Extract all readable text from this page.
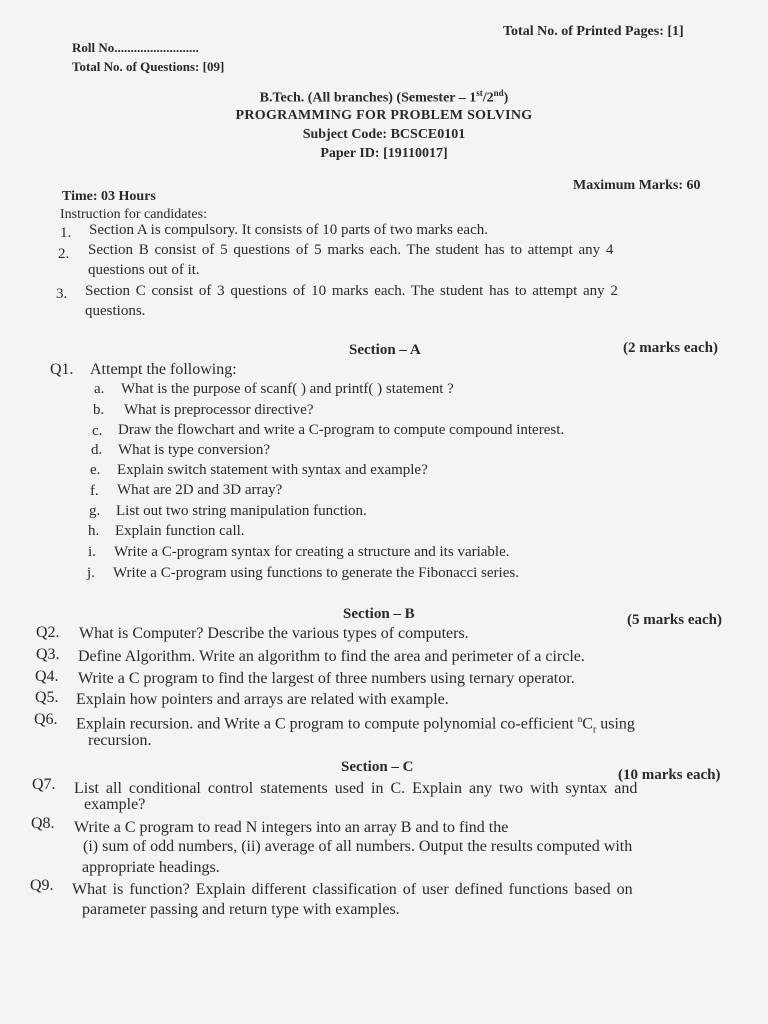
Total No. of Printed Pages: [1]
Roll No..........................
Total No. of Questions: [09]
B.Tech. (All branches) (Semester – 1st/2nd)
PROGRAMMING FOR PROBLEM SOLVING
Subject Code: BCSCE0101
Paper ID: [19110017]
Time: 03 Hours
Maximum Marks: 60
Instruction for candidates:
1. Section A is compulsory. It consists of 10 parts of two marks each.
2. Section B consist of 5 questions of 5 marks each. The student has to attempt any 4
questions out of it.
3. Section C consist of 3 questions of 10 marks each. The student has to attempt any 2
questions.
Section – A	(2 marks each)
Q1. Attempt the following:
a. What is the purpose of scanf( ) and printf( ) statement ?
b. What is preprocessor directive?
c. Draw the flowchart and write a C-program to compute compound interest.
d. What is type conversion?
e. Explain switch statement with syntax and example?
f. What are 2D and 3D array?
g. List out two string manipulation function.
h. Explain function call.
i. Write a C-program syntax for creating a structure and its variable.
j. Write a C-program using functions to generate the Fibonacci series.
Section – B	(5 marks each)
Q2. What is Computer? Describe the various types of computers.
Q3. Define Algorithm. Write an algorithm to find the area and perimeter of a circle.
Q4. Write a C program to find the largest of three numbers using ternary operator.
Q5. Explain how pointers and arrays are related with example.
Q6. Explain recursion. and Write a C program to compute polynomial co-efficient $^nC_r$ using
recursion.
Section – C	(10 marks each)
Q7. List all conditional control statements used in C. Explain any two with syntax and
example?
Q8. Write a C program to read N integers into an array B and to find the
(i) sum of odd numbers, (ii) average of all numbers. Output the results computed with
appropriate headings.
Q9. What is function? Explain different classification of user defined functions based on
parameter passing and return type with examples.
